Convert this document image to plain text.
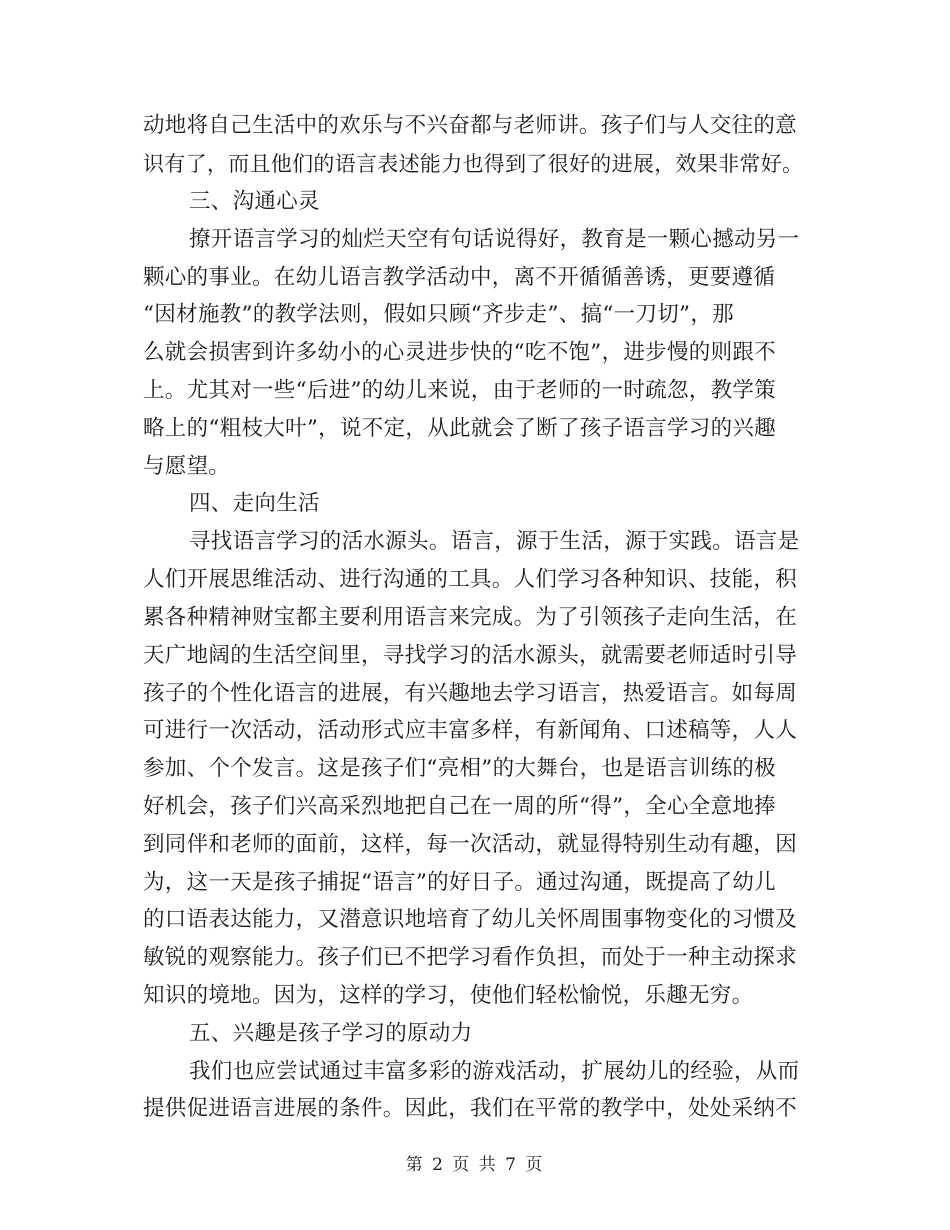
动地将自己生活中的欢乐与不兴奋都与老师讲。孩子们与人交往的意
识有了，而且他们的语言表述能力也得到了很好的进展，效果非常好。
三、沟通心灵
撩开语言学习的灿烂天空有句话说得好，教育是一颗心撼动另一
颗心的事业。在幼儿语言教学活动中，离不开循循善诱，更要遵循
“因材施教”的教学法则，假如只顾“齐步走”、搞“一刀切”，那
么就会损害到许多幼小的心灵进步快的“吃不饱”，进步慢的则跟不
上。尤其对一些“后进”的幼儿来说，由于老师的一时疏忽，教学策
略上的“粗枝大叶”，说不定，从此就会了断了孩子语言学习的兴趣
与愿望。
四、走向生活
寻找语言学习的活水源头。语言，源于生活，源于实践。语言是
人们开展思维活动、进行沟通的工具。人们学习各种知识、技能，积
累各种精神财宝都主要利用语言来完成。为了引领孩子走向生活，在
天广地阔的生活空间里，寻找学习的活水源头，就需要老师适时引导
孩子的个性化语言的进展，有兴趣地去学习语言，热爱语言。如每周
可进行一次活动，活动形式应丰富多样，有新闻角、口述稿等，人人
参加、个个发言。这是孩子们“亮相”的大舞台，也是语言训练的极
好机会，孩子们兴高采烈地把自己在一周的所“得”，全心全意地捧
到同伴和老师的面前，这样，每一次活动，就显得特别生动有趣，因
为，这一天是孩子捕捉“语言”的好日子。通过沟通，既提高了幼儿
的口语表达能力，又潜意识地培育了幼儿关怀周围事物变化的习惯及
敏锐的观察能力。孩子们已不把学习看作负担，而处于一种主动探求
知识的境地。因为，这样的学习，使他们轻松愉悦，乐趣无穷。
五、兴趣是孩子学习的原动力
我们也应尝试通过丰富多彩的游戏活动，扩展幼儿的经验，从而
提供促进语言进展的条件。因此，我们在平常的教学中，处处采纳不
第 2 页 共 7 页
